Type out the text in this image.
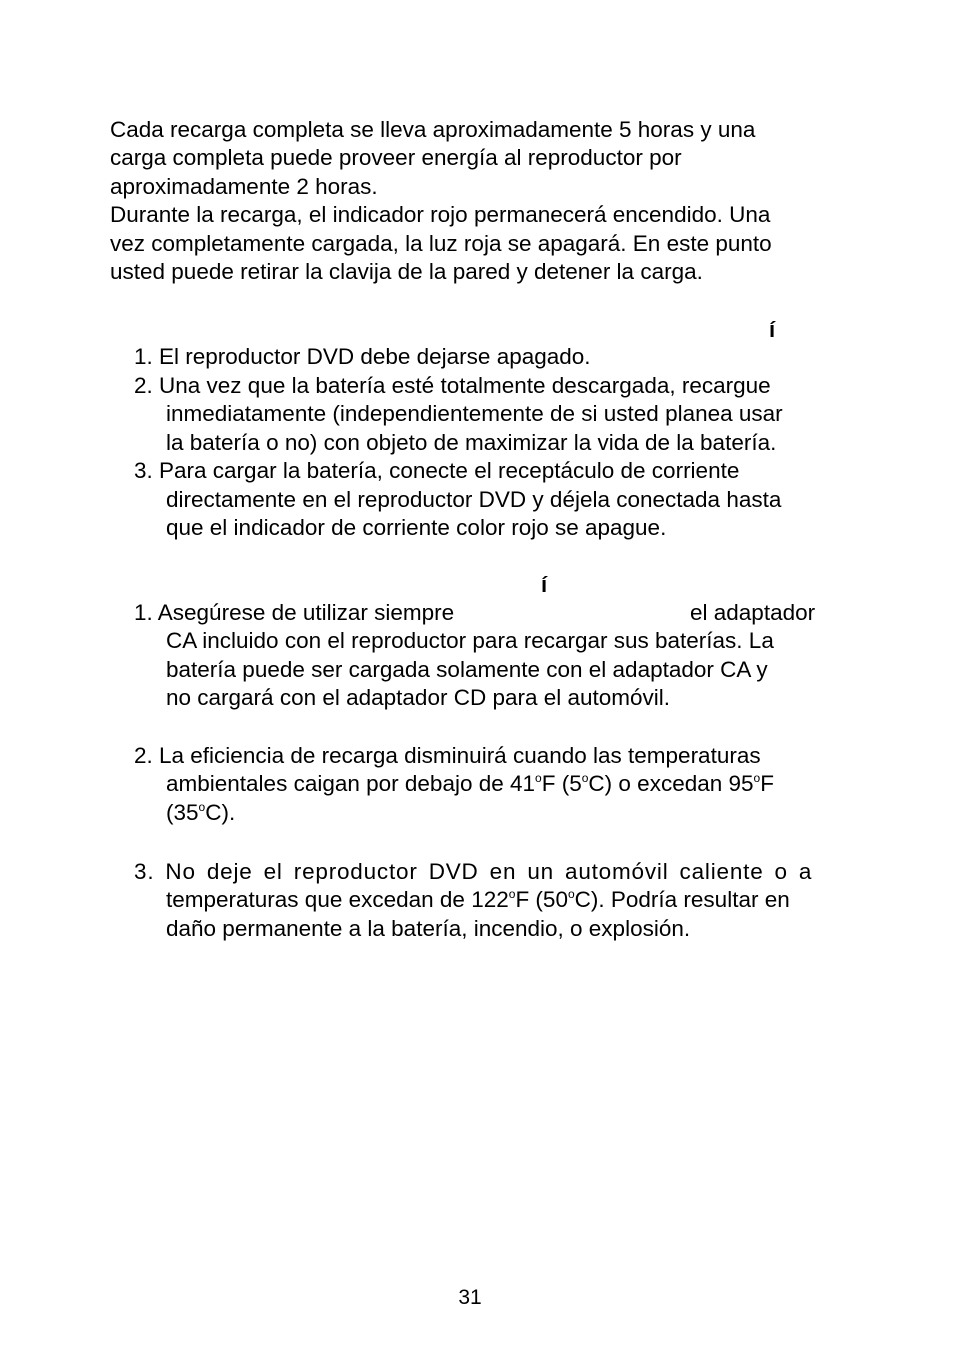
Cada recarga completa se lleva aproximadamente 5 horas y una
carga completa puede proveer energía al reproductor por
aproximadamente 2 horas.
Durante la recarga, el indicador rojo permanecerá encendido. Una
vez completamente cargada, la luz roja se apagará. En este punto
usted puede retirar la clavija de la pared y detener la carga.
í
1. El reproductor DVD debe dejarse apagado.
2. Una vez que la batería esté totalmente descargada, recargue
inmediatamente (independientemente de si usted planea usar
la batería o no) con objeto de maximizar la vida de la batería.
3. Para cargar la batería, conecte el receptáculo de corriente
directamente en el reproductor DVD y déjela conectada hasta
que el indicador de corriente color rojo se apague.
í
1. Asegúrese de utilizar siempre	el adaptador
CA incluido con el reproductor para recargar sus baterías. La
batería puede ser cargada solamente con el adaptador CA y
no cargará con el adaptador CD para el automóvil.
2. La eficiencia de recarga disminuirá cuando las temperaturas
ambientales caigan por debajo de 41$^o$F (5$^o$C) o excedan 95$^o$F
(35$^o$C).
3. No deje el reproductor DVD en un automóvil caliente o a
temperaturas que excedan de 122$^o$F (50$^o$C). Podría resultar en
daño permanente a la batería, incendio, o explosión.
31
